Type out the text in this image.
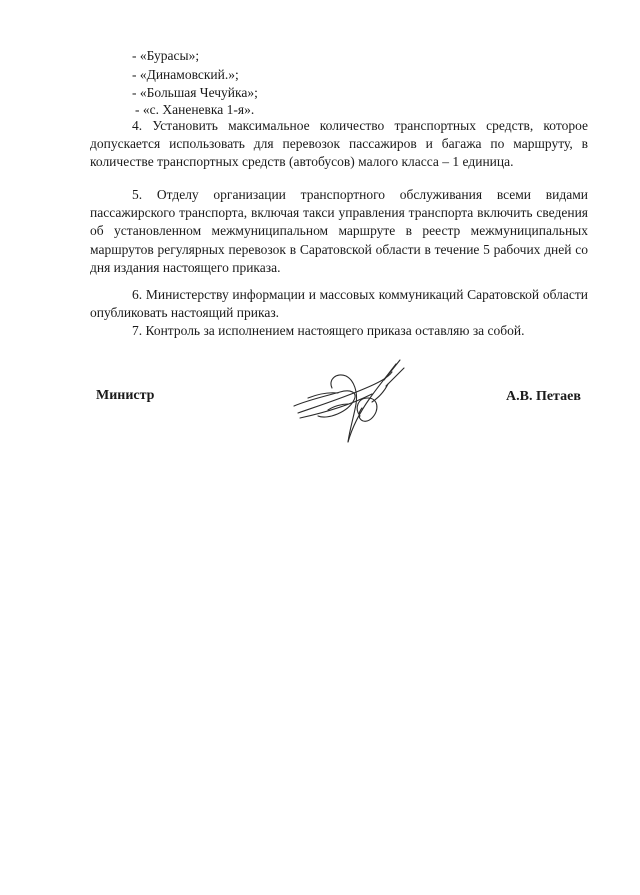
- «Бурасы»;
- «Динамовский.»;
- «Большая Чечуйка»;
- «с. Ханеневка 1-я».

4. Установить максимальное количество транспортных средств, которое допускается использовать для перевозок пассажиров и багажа по маршруту, в количестве транспортных средств (автобусов) малого класса – 1 единица.

5. Отделу организации транспортного обслуживания всеми видами пассажирского транспорта, включая такси управления транспорта включить сведения об установленном межмуниципальном маршруте в реестр межмуниципальных маршрутов регулярных перевозок в Саратовской области в течение 5 рабочих дней со дня издания настоящего приказа.

6. Министерству информации и массовых коммуникаций Саратовской области опубликовать настоящий приказ.

7. Контроль за исполнением настоящего приказа оставляю за собой.

Министр	А.В. Петаев
